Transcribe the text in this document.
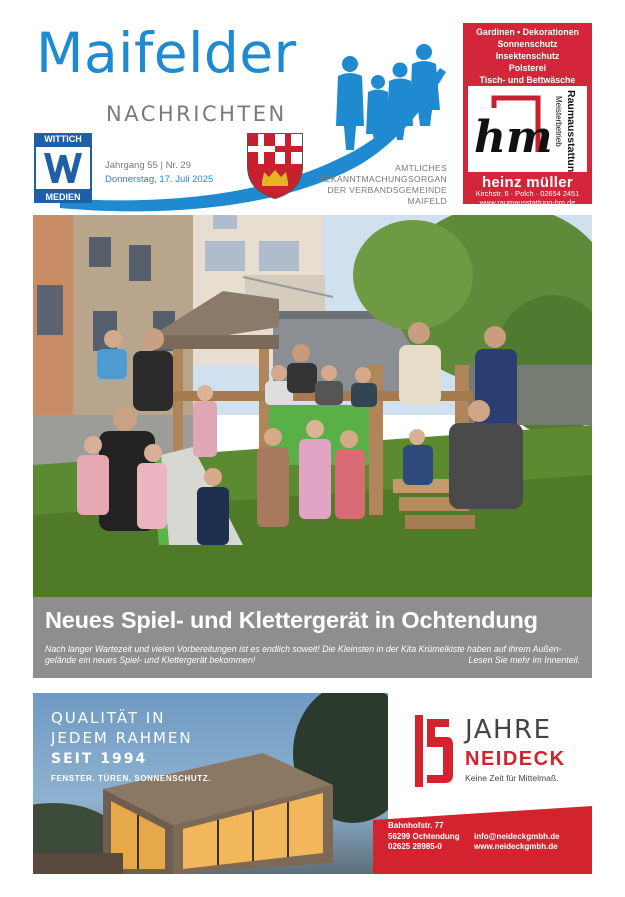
Maifelder
NACHRICHTEN
WITTICH
MEDIEN
Jahrgang 55 | Nr. 29
Donnerstag, 17. Juli 2025
AMTLICHES
BEKANNTMACHUNGSORGAN
DER VERBANDSGEMEINDE
MAIFELD
Gardinen • Dekorationen
Sonnenschutz
Insektenschutz
Polsterei
Tisch- und Bettwäsche
hm Raumausstattung
Meisterbetrieb
heinz müller
Kirchstr. 6 · Polch · 02654 2451
www.raumausstattung-hm.de
Neues Spiel- und Klettergerät in Ochtendung
Nach langer Wartezeit und vielen Vorbereitungen ist es endlich soweit! Die Kleinsten in der Kita Krümelkiste haben auf ihrem Außen-gelände ein neues Spiel- und Klettergerät bekommen!	Lesen Sie mehr im Innenteil.
QUALITÄT IN
JEDEM RAHMEN
SEIT 1994
FENSTER. TÜREN. SONNENSCHUTZ.
JAHRE
NEIDECK
Keine Zeit für Mittelmaß.
Bahnhofstr. 77
56299 Ochtendung
02625 28985-0
info@neideckgmbh.de
www.neideckgmbh.de
